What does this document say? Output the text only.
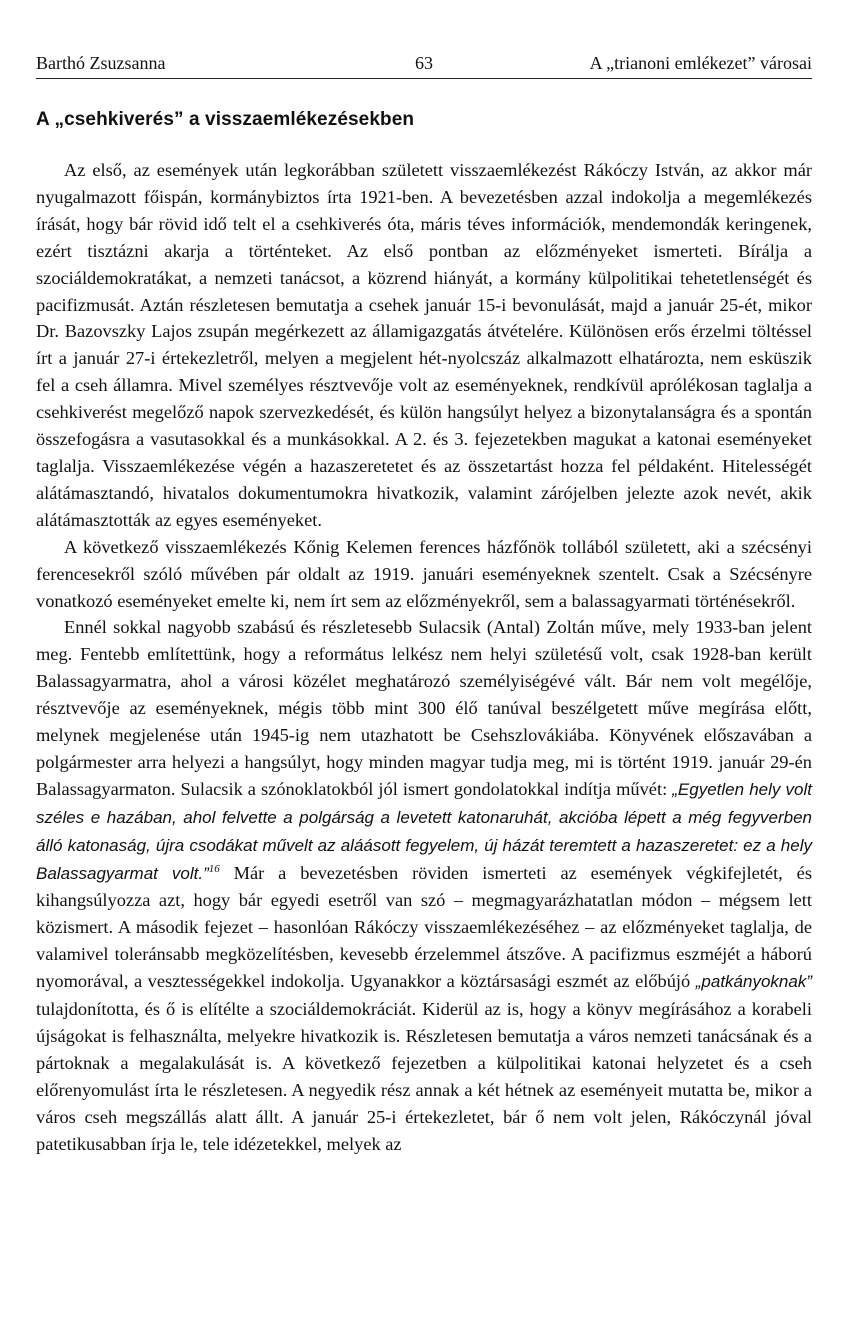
Barthó Zsuzsanna	63	A „trianoni emlékezet” városai
A „csehkiverés” a visszaemlékezésekben

Az első, az események után legkorábban született visszaemlékezést Rákóczy István, az akkor már nyugalmazott főispán, kormánybiztos írta 1921-ben. A bevezetésben azzal indokolja a megemlékezés írását, hogy bár rövid idő telt el a csehkiverés óta, máris téves információk, mendemondák keringenek, ezért tisztázni akarja a történteket. Az első pontban az előzményeket ismerteti. Bírálja a szociáldemokratákat, a nemzeti tanácsot, a közrend hiányát, a kormány külpolitikai tehetetlenségét és pacifizmusát. Aztán részletesen bemutatja a csehek január 15-i bevonulását, majd a január 25-ét, mikor Dr. Bazovszky Lajos zsupán megérkezett az államigazgatás átvételére. Különösen erős érzelmi töltéssel írt a január 27-i értekezletről, melyen a megjelent hét-nyolcszáz alkalmazott elhatározta, nem esküszik fel a cseh államra. Mivel személyes résztvevője volt az eseményeknek, rendkívül aprólékosan taglalja a csehkiverést megelőző napok szervezkedését, és külön hangsúlyt helyez a bizonytalanságra és a spontán összefogásra a vasutasokkal és a munkásokkal. A 2. és 3. fejezetekben magukat a katonai eseményeket taglalja. Visszaemlékezése végén a hazaszeretetet és az összetartást hozza fel példaként. Hitelességét alátámasztandó, hivatalos dokumentumokra hivatkozik, valamint zárójelben jelezte azok nevét, akik alátámasztották az egyes eseményeket.

A következő visszaemlékezés Kőnig Kelemen ferences házfőnök tollából született, aki a szécsényi ferencesekről szóló művében pár oldalt az 1919. januári eseményeknek szentelt. Csak a Szécsényre vonatkozó eseményeket emelte ki, nem írt sem az előzményekről, sem a balassagyarmati történésekről.

Ennél sokkal nagyobb szabású és részletesebb Sulacsik (Antal) Zoltán műve, mely 1933-ban jelent meg. Fentebb említettünk, hogy a református lelkész nem helyi születésű volt, csak 1928-ban került Balassagyarmatra, ahol a városi közélet meghatározó személyiségévé vált. Bár nem volt megélője, résztvevője az eseményeknek, mégis több mint 300 élő tanúval beszélgetett műve megírása előtt, melynek megjelenése után 1945-ig nem utazhatott be Csehszlovákiába. Könyvének előszavában a polgármester arra helyezi a hangsúlyt, hogy minden magyar tudja meg, mi is történt 1919. január 29-én Balassagyarmaton. Sulacsik a szónoklatokból jól ismert gondolatokkal indítja művét: „Egyetlen hely volt széles e hazában, ahol felvette a polgárság a levetett katonaruhát, akcióba lépett a még fegyverben álló katonaság, újra csodákat művelt az aláásott fegyelem, új házát teremtett a hazaszeretet: ez a hely Balassagyarmat volt.”$^{16}$ Már a bevezetésben röviden ismerteti az események végkifejletét, és kihangsúlyozza azt, hogy bár egyedi esetről van szó – megmagyarázhatatlan módon – mégsem lett közismert. A második fejezet – hasonlóan Rákóczy visszaemlékezéséhez – az előzményeket taglalja, de valamivel toleránsabb megközelítésben, kevesebb érzelemmel átszőve. A pacifizmus eszméjét a háború nyomorával, a vesztességekkel indokolja. Ugyanakkor a köztársasági eszmét az előbújó „patkányoknak” tulajdonította, és ő is elítélte a szociáldemokráciát. Kiderül az is, hogy a könyv megírásához a korabeli újságokat is felhasználta, melyekre hivatkozik is. Részletesen bemutatja a város nemzeti tanácsának és a pártoknak a megalakulását is. A következő fejezetben a külpolitikai katonai helyzetet és a cseh előrenyomulást írta le részletesen. A negyedik rész annak a két hétnek az eseményeit mutatta be, mikor a város cseh megszállás alatt állt. A január 25-i értekezletet, bár ő nem volt jelen, Rákóczynál jóval patetikusabban írja le, tele idézetekkel, melyek az
